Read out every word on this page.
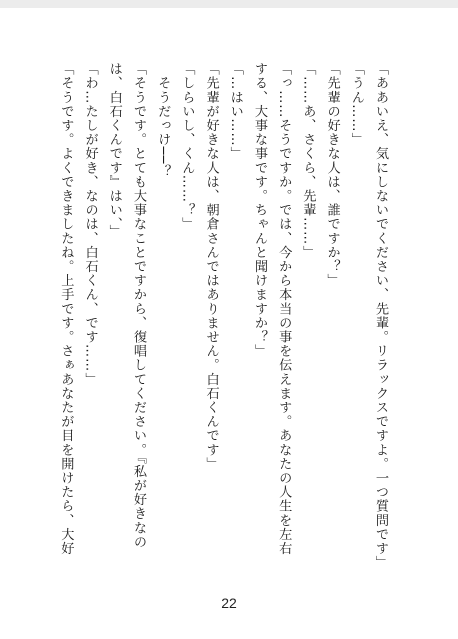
「ああいえ、気にしないでください、先輩。リラックスですよ。一つ質問です」
「うん……」
「先輩の好きな人は、誰ですか？」
「……あ、さくら、先輩……」
「っ……そうですか。では、今から本当の事を伝えます。あなたの人生を左右
する、大事な事です。ちゃんと聞けますか？」
「…はい……」
「先輩が好きな人は、朝倉さんではありません。白石くんです」
「しらいし、くん……？」
　そうだっけ──？
「そうです。とても大事なことですから、復唱してください。『私が好きなの
は、白石くんです』はい、」
「わ…たしが好き、なのは、白石くん、です……」
「そうです。よくできましたね。上手です。さぁあなたが目を開けたら、大好
22
